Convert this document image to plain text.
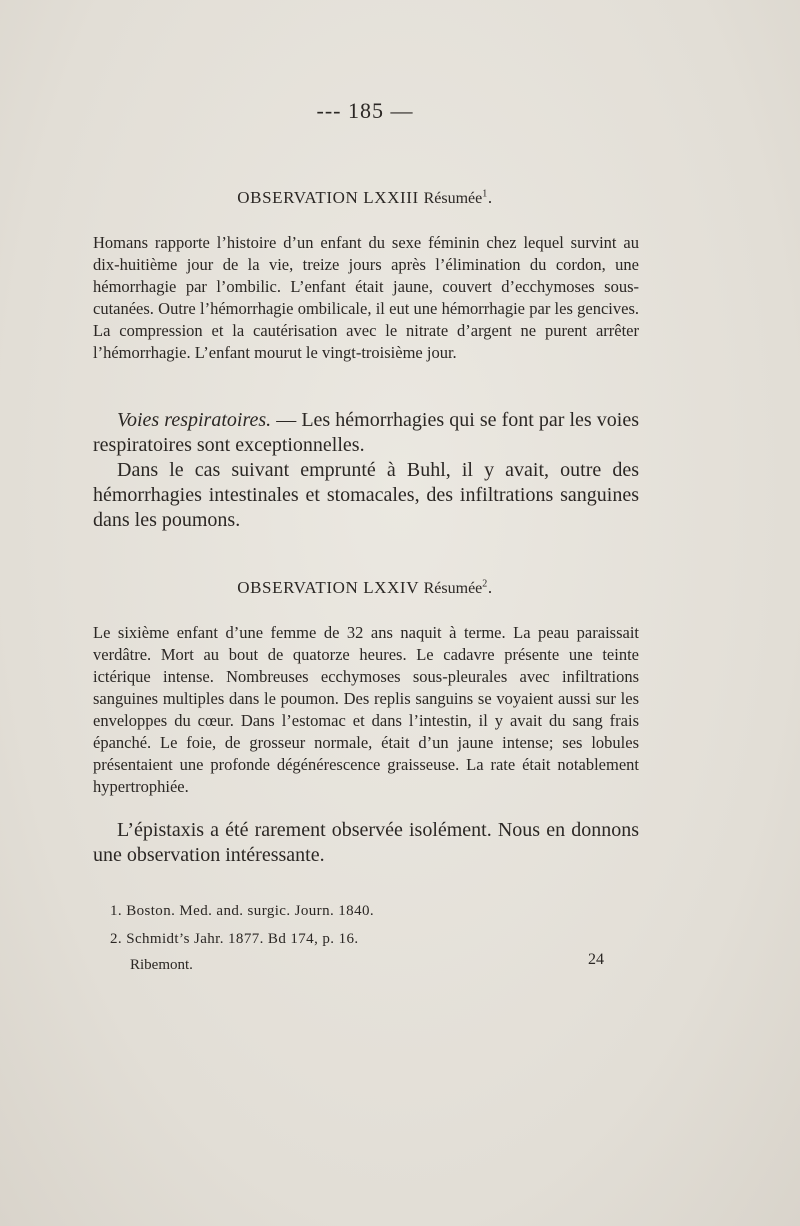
--- 185 —
OBSERVATION LXXIII Résumée$^1$.

Homans rapporte l’histoire d’un enfant du sexe féminin chez lequel survint au dix-huitième jour de la vie, treize jours après l’élimination du cordon, une hémorrhagie par l’ombilic. L’enfant était jaune, couvert d’ecchymoses sous-cutanées. Outre l’hémorrhagie ombilicale, il eut une hémorrhagie par les gencives. La compression et la cautérisation avec le nitrate d’argent ne purent arrêter l’hémorrhagie. L’enfant mourut le vingt-troisième jour.

Voies respiratoires. — Les hémorrhagies qui se font par les voies respiratoires sont exceptionnelles.

Dans le cas suivant emprunté à Buhl, il y avait, outre des hémorrhagies intestinales et stomacales, des infiltrations sanguines dans les poumons.

OBSERVATION LXXIV Résumée$^2$.

Le sixième enfant d’une femme de 32 ans naquit à terme. La peau paraissait verdâtre. Mort au bout de quatorze heures. Le cadavre présente une teinte ictérique intense. Nombreuses ecchymoses sous-pleurales avec infiltrations sanguines multiples dans le poumon. Des replis sanguins se voyaient aussi sur les enveloppes du cœur. Dans l’estomac et dans l’intestin, il y avait du sang frais épanché. Le foie, de grosseur normale, était d’un jaune intense; ses lobules présentaient une profonde dégénérescence graisseuse. La rate était notablement hypertrophiée.

L’épistaxis a été rarement observée isolément. Nous en donnons une observation intéressante.

1. Boston. Med. and. surgic. Journ. 1840.
2. Schmidt’s Jahr. 1877. Bd 174, p. 16.
Ribemont.	24
